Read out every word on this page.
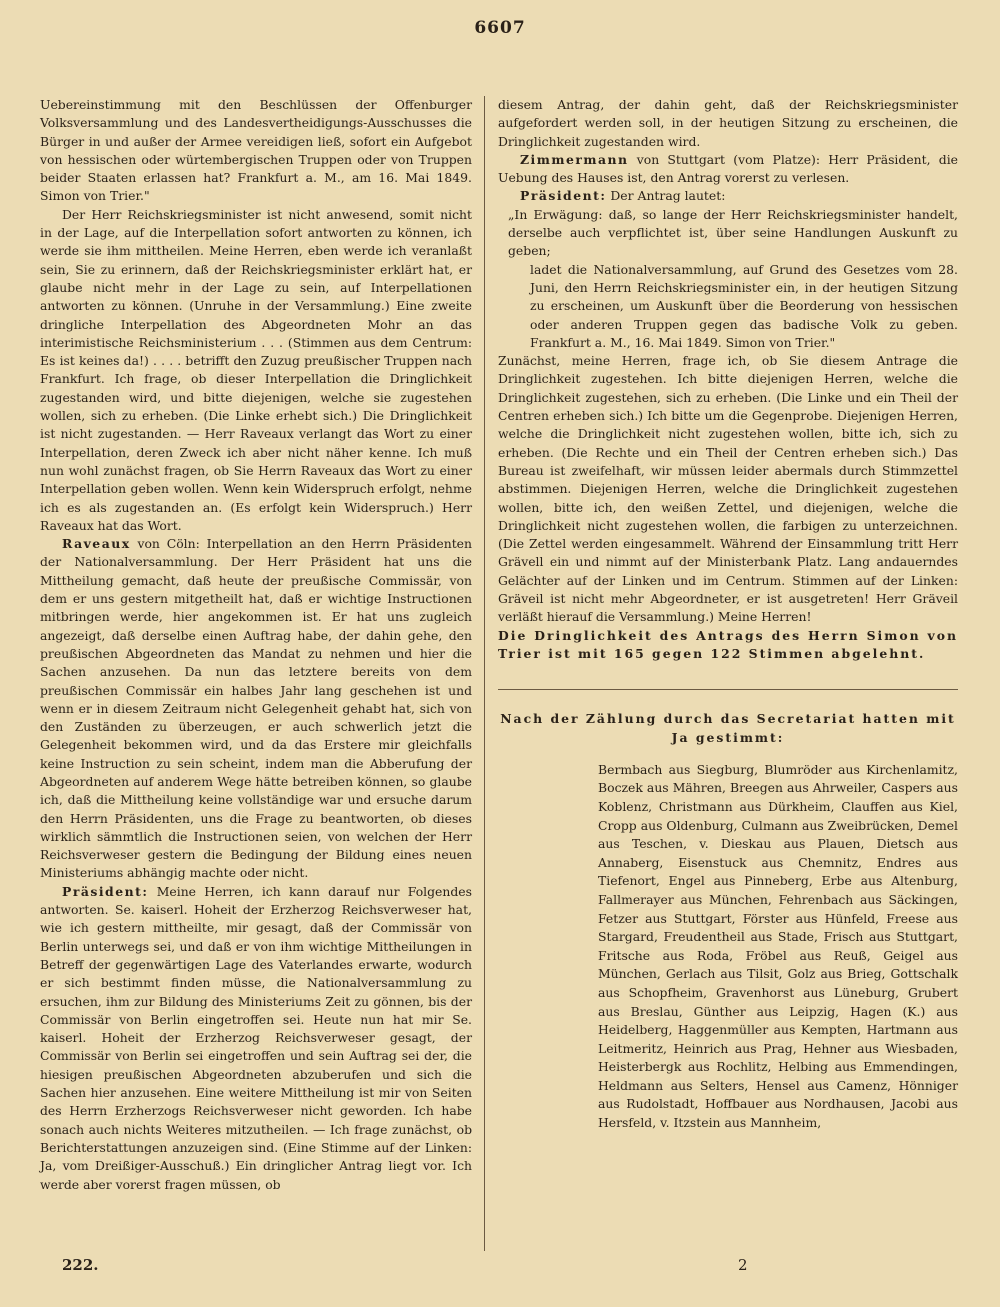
6607

Uebereinstimmung mit den Beschlüssen der Offenburger Volksversammlung und des Landesvertheidigungs-Ausschusses die Bürger in und außer der Armee vereidigen ließ, sofort ein Aufgebot von hessischen oder würtembergischen Truppen oder von Truppen beider Staaten erlassen hat? Frankfurt a. M., am 16. Mai 1849. Simon von Trier."

Der Herr Reichskriegsminister ist nicht anwesend, somit nicht in der Lage, auf die Interpellation sofort antworten zu können, ich werde sie ihm mittheilen. Meine Herren, eben werde ich veranlaßt sein, Sie zu erinnern, daß der Reichskriegsminister erklärt hat, er glaube nicht mehr in der Lage zu sein, auf Interpellationen antworten zu können. (Unruhe in der Versammlung.) Eine zweite dringliche Interpellation des Abgeordneten Mohr an das interimistische Reichsministerium . . . (Stimmen aus dem Centrum: Es ist keines da!) . . . . betrifft den Zuzug preußischer Truppen nach Frankfurt. Ich frage, ob dieser Interpellation die Dringlichkeit zugestanden wird, und bitte diejenigen, welche sie zugestehen wollen, sich zu erheben. (Die Linke erhebt sich.) Die Dringlichkeit ist nicht zugestanden. — Herr Raveaux verlangt das Wort zu einer Interpellation, deren Zweck ich aber nicht näher kenne. Ich muß nun wohl zunächst fragen, ob Sie Herrn Raveaux das Wort zu einer Interpellation geben wollen. Wenn kein Widerspruch erfolgt, nehme ich es als zugestanden an. (Es erfolgt kein Widerspruch.) Herr Raveaux hat das Wort.

Raveaux von Cöln: Interpellation an den Herrn Präsidenten der Nationalversammlung. Der Herr Präsident hat uns die Mittheilung gemacht, daß heute der preußische Commissär, von dem er uns gestern mitgetheilt hat, daß er wichtige Instructionen mitbringen werde, hier angekommen ist. Er hat uns zugleich angezeigt, daß derselbe einen Auftrag habe, der dahin gehe, den preußischen Abgeordneten das Mandat zu nehmen und hier die Sachen anzusehen. Da nun das letztere bereits von dem preußischen Commissär ein halbes Jahr lang geschehen ist und wenn er in diesem Zeitraum nicht Gelegenheit gehabt hat, sich von den Zuständen zu überzeugen, er auch schwerlich jetzt die Gelegenheit bekommen wird, und da das Erstere mir gleichfalls keine Instruction zu sein scheint, indem man die Abberufung der Abgeordneten auf anderem Wege hätte betreiben können, so glaube ich, daß die Mittheilung keine vollständige war und ersuche darum den Herrn Präsidenten, uns die Frage zu beantworten, ob dieses wirklich sämmtlich die Instructionen seien, von welchen der Herr Reichsverweser gestern die Bedingung der Bildung eines neuen Ministeriums abhängig machte oder nicht.

Präsident: Meine Herren, ich kann darauf nur Folgendes antworten. Se. kaiserl. Hoheit der Erzherzog Reichsverweser hat, wie ich gestern mittheilte, mir gesagt, daß der Commissär von Berlin unterwegs sei, und daß er von ihm wichtige Mittheilungen in Betreff der gegenwärtigen Lage des Vaterlandes erwarte, wodurch er sich bestimmt finden müsse, die Nationalversammlung zu ersuchen, ihm zur Bildung des Ministeriums Zeit zu gönnen, bis der Commissär von Berlin eingetroffen sei. Heute nun hat mir Se. kaiserl. Hoheit der Erzherzog Reichsverweser gesagt, der Commissär von Berlin sei eingetroffen und sein Auftrag sei der, die hiesigen preußischen Abgeordneten abzuberufen und sich die Sachen hier anzusehen. Eine weitere Mittheilung ist mir von Seiten des Herrn Erzherzogs Reichsverweser nicht geworden. Ich habe sonach auch nichts Weiteres mitzutheilen. — Ich frage zunächst, ob Berichterstattungen anzuzeigen sind. (Eine Stimme auf der Linken: Ja, vom Dreißiger-Ausschuß.) Ein dringlicher Antrag liegt vor. Ich werde aber vorerst fragen müssen, ob

diesem Antrag, der dahin geht, daß der Reichskriegsminister aufgefordert werden soll, in der heutigen Sitzung zu erscheinen, die Dringlichkeit zugestanden wird.

Zimmermann von Stuttgart (vom Platze): Herr Präsident, die Uebung des Hauses ist, den Antrag vorerst zu verlesen.

Präsident: Der Antrag lautet:

„In Erwägung: daß, so lange der Herr Reichskriegsminister handelt, derselbe auch verpflichtet ist, über seine Handlungen Auskunft zu geben;

ladet die Nationalversammlung, auf Grund des Gesetzes vom 28. Juni, den Herrn Reichskriegsminister ein, in der heutigen Sitzung zu erscheinen, um Auskunft über die Beorderung von hessischen oder anderen Truppen gegen das badische Volk zu geben. Frankfurt a. M., 16. Mai 1849. Simon von Trier."

Zunächst, meine Herren, frage ich, ob Sie diesem Antrage die Dringlichkeit zugestehen. Ich bitte diejenigen Herren, welche die Dringlichkeit zugestehen, sich zu erheben. (Die Linke und ein Theil der Centren erheben sich.) Ich bitte um die Gegenprobe. Diejenigen Herren, welche die Dringlichkeit nicht zugestehen wollen, bitte ich, sich zu erheben. (Die Rechte und ein Theil der Centren erheben sich.) Das Bureau ist zweifelhaft, wir müssen leider abermals durch Stimmzettel abstimmen. Diejenigen Herren, welche die Dringlichkeit zugestehen wollen, bitte ich, den weißen Zettel, und diejenigen, welche die Dringlichkeit nicht zugestehen wollen, die farbigen zu unterzeichnen. (Die Zettel werden eingesammelt. Während der Einsammlung tritt Herr Grävell ein und nimmt auf der Ministerbank Platz. Lang andauerndes Gelächter auf der Linken und im Centrum. Stimmen auf der Linken: Gräveil ist nicht mehr Abgeordneter, er ist ausgetreten! Herr Gräveil verläßt hierauf die Versammlung.) Meine Herren!

Die Dringlichkeit des Antrags des Herrn Simon von Trier ist mit 165 gegen 122 Stimmen abgelehnt.

Nach der Zählung durch das Secretariat hatten mit Ja gestimmt:

Bermbach aus Siegburg, Blumröder aus Kirchenlamitz, Boczek aus Mähren, Breegen aus Ahrweiler, Caspers aus Koblenz, Christmann aus Dürkheim, Clauffen aus Kiel, Cropp aus Oldenburg, Culmann aus Zweibrücken, Demel aus Teschen, v. Dieskau aus Plauen, Dietsch aus Annaberg, Eisenstuck aus Chemnitz, Endres aus Tiefenort, Engel aus Pinneberg, Erbe aus Altenburg, Fallmerayer aus München, Fehrenbach aus Säckingen, Fetzer aus Stuttgart, Förster aus Hünfeld, Freese aus Stargard, Freudentheil aus Stade, Frisch aus Stuttgart, Fritsche aus Roda, Fröbel aus Reuß, Geigel aus München, Gerlach aus Tilsit, Golz aus Brieg, Gottschalk aus Schopfheim, Gravenhorst aus Lüneburg, Grubert aus Breslau, Günther aus Leipzig, Hagen (K.) aus Heidelberg, Haggenmüller aus Kempten, Hartmann aus Leitmeritz, Heinrich aus Prag, Hehner aus Wiesbaden, Heisterbergk aus Rochlitz, Helbing aus Emmendingen, Heldmann aus Selters, Hensel aus Camenz, Hönniger aus Rudolstadt, Hoffbauer aus Nordhausen, Jacobi aus Hersfeld, v. Itzstein aus Mannheim,

222.	2
